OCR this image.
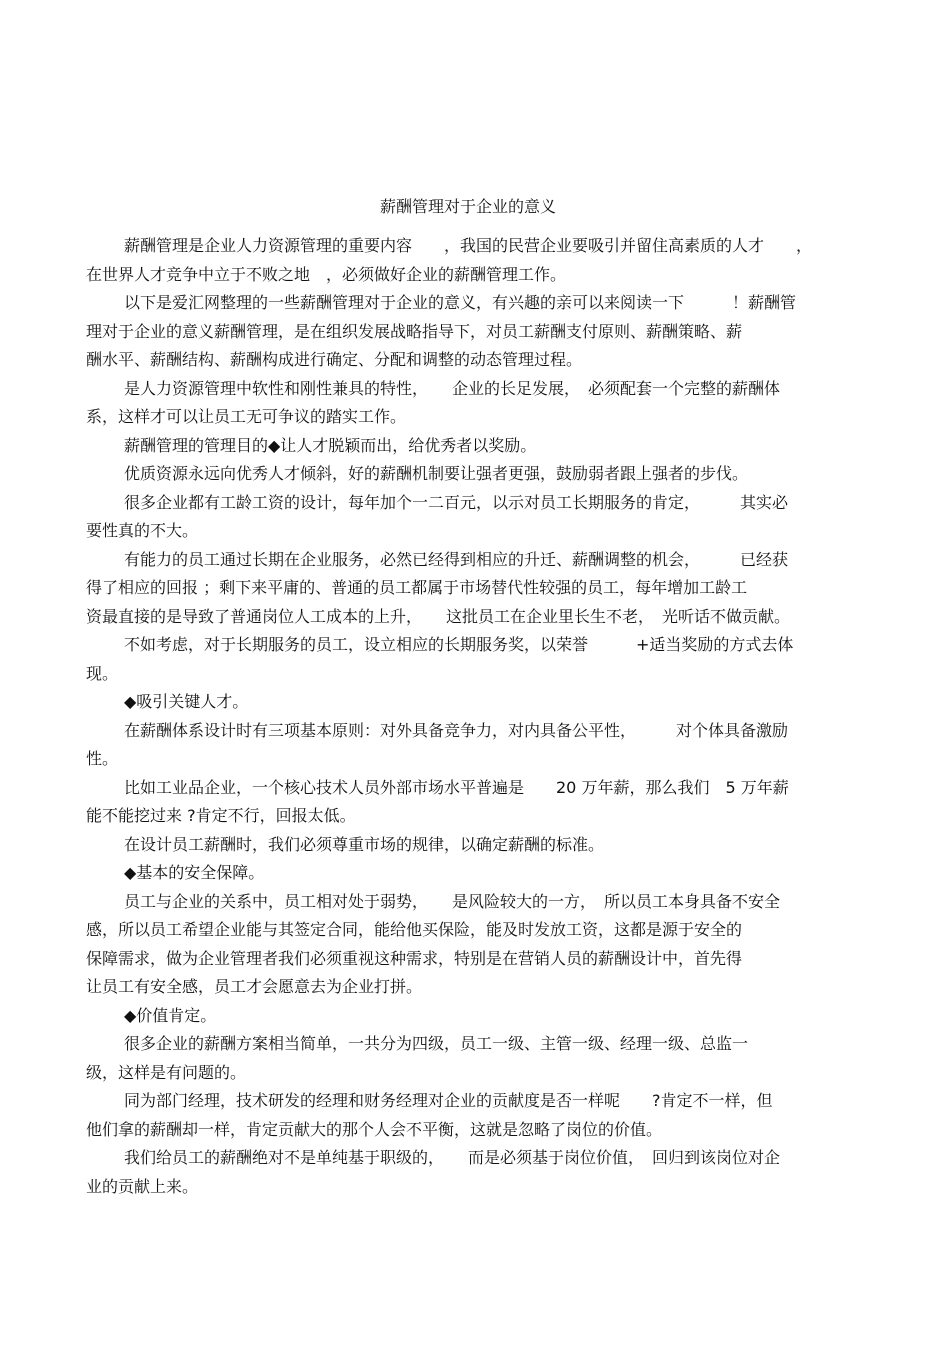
薪酬管理对于企业的意义
薪酬管理是企业人力资源管理的重要内容　　，我国的民营企业要吸引并留住高素质的人才　　，
在世界人才竞争中立于不败之地　，必须做好企业的薪酬管理工作。
以下是爱汇网整理的一些薪酬管理对于企业的意义，有兴趣的亲可以来阅读一下　　　！薪酬管
理对于企业的意义薪酬管理，是在组织发展战略指导下，对员工薪酬支付原则、薪酬策略、薪
酬水平、薪酬结构、薪酬构成进行确定、分配和调整的动态管理过程。
是人力资源管理中软性和刚性兼具的特性，　　企业的长足发展，　必须配套一个完整的薪酬体
系，这样才可以让员工无可争议的踏实工作。
薪酬管理的管理目的◆让人才脱颖而出，给优秀者以奖励。
优质资源永远向优秀人才倾斜，好的薪酬机制要让强者更强，鼓励弱者跟上强者的步伐。
很多企业都有工龄工资的设计，每年加个一二百元，以示对员工长期服务的肯定，　　　其实必
要性真的不大。
有能力的员工通过长期在企业服务，必然已经得到相应的升迁、薪酬调整的机会，　　　已经获
得了相应的回报 ；剩下来平庸的、普通的员工都属于市场替代性较强的员工，每年增加工龄工
资最直接的是导致了普通岗位人工成本的上升，　　这批员工在企业里长生不老，　光听话不做贡献。
不如考虑，对于长期服务的员工，设立相应的长期服务奖，以荣誉　　　+适当奖励的方式去体
现。
◆吸引关键人才。
在薪酬体系设计时有三项基本原则：对外具备竞争力，对内具备公平性，　　　对个体具备激励
性。
比如工业品企业，一个核心技术人员外部市场水平普遍是　　20 万年薪，那么我们　5 万年薪
能不能挖过来 ?肯定不行，回报太低。
在设计员工薪酬时，我们必须尊重市场的规律，以确定薪酬的标准。
◆基本的安全保障。
员工与企业的关系中，员工相对处于弱势，　　是风险较大的一方，　所以员工本身具备不安全
感，所以员工希望企业能与其签定合同，能给他买保险，能及时发放工资，这都是源于安全的
保障需求，做为企业管理者我们必须重视这种需求，特别是在营销人员的薪酬设计中，首先得
让员工有安全感，员工才会愿意去为企业打拼。
◆价值肯定。
很多企业的薪酬方案相当简单，一共分为四级，员工一级、主管一级、经理一级、总监一
级，这样是有问题的。
同为部门经理，技术研发的经理和财务经理对企业的贡献度是否一样呢　　?肯定不一样，但
他们拿的薪酬却一样，肯定贡献大的那个人会不平衡，这就是忽略了岗位的价值。
我们给员工的薪酬绝对不是单纯基于职级的，　　而是必须基于岗位价值，　回归到该岗位对企
业的贡献上来。
